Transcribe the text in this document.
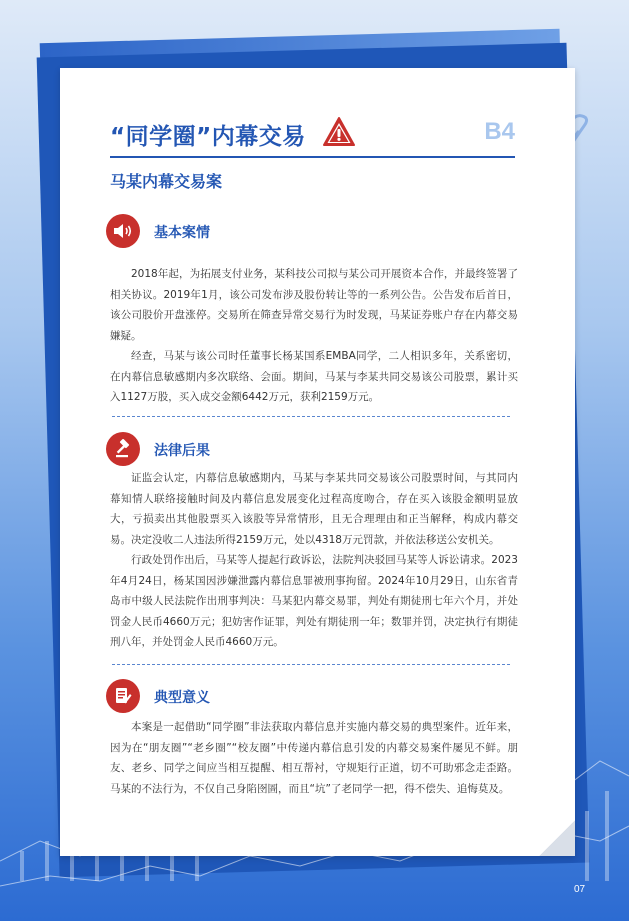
“同学圈”内幕交易	B4
马某内幕交易案
基本案情

2018年起，为拓展支付业务，某科技公司拟与某公司开展资本合作，并最终签署了相关协议。2019年1月，该公司发布涉及股份转让等的一系列公告。公告发布后首日，该公司股价开盘涨停。交易所在筛查异常交易行为时发现，马某证券账户存在内幕交易嫌疑。

经查，马某与该公司时任董事长杨某国系EMBA同学，二人相识多年，关系密切，在内幕信息敏感期内多次联络、会面。期间，马某与李某共同交易该公司股票，累计买入1127万股，买入成交金额6442万元，获利2159万元。

法律后果

证监会认定，内幕信息敏感期内，马某与李某共同交易该公司股票时间，与其同内幕知情人联络接触时间及内幕信息发展变化过程高度吻合，存在买入该股金额明显放大，亏损卖出其他股票买入该股等异常情形，且无合理理由和正当解释，构成内幕交易。决定没收二人违法所得2159万元，处以4318万元罚款，并依法移送公安机关。

行政处罚作出后，马某等人提起行政诉讼，法院判决驳回马某等人诉讼请求。2023年4月24日，杨某国因涉嫌泄露内幕信息罪被刑事拘留。2024年10月29日，山东省青岛市中级人民法院作出刑事判决：马某犯内幕交易罪，判处有期徒刑七年六个月，并处罚金人民币4660万元；犯妨害作证罪，判处有期徒刑一年；数罪并罚，决定执行有期徒刑八年，并处罚金人民币4660万元。

典型意义

本案是一起借助“同学圈”非法获取内幕信息并实施内幕交易的典型案件。近年来，因为在“朋友圈”“老乡圈”“校友圈”中传递内幕信息引发的内幕交易案件屡见不鲜。朋友、老乡、同学之间应当相互提醒、相互帮衬，守规矩行正道，切不可助邪念走歪路。马某的不法行为，不仅自己身陷囹圄，而且“坑”了老同学一把，得不偿失、追悔莫及。

07
